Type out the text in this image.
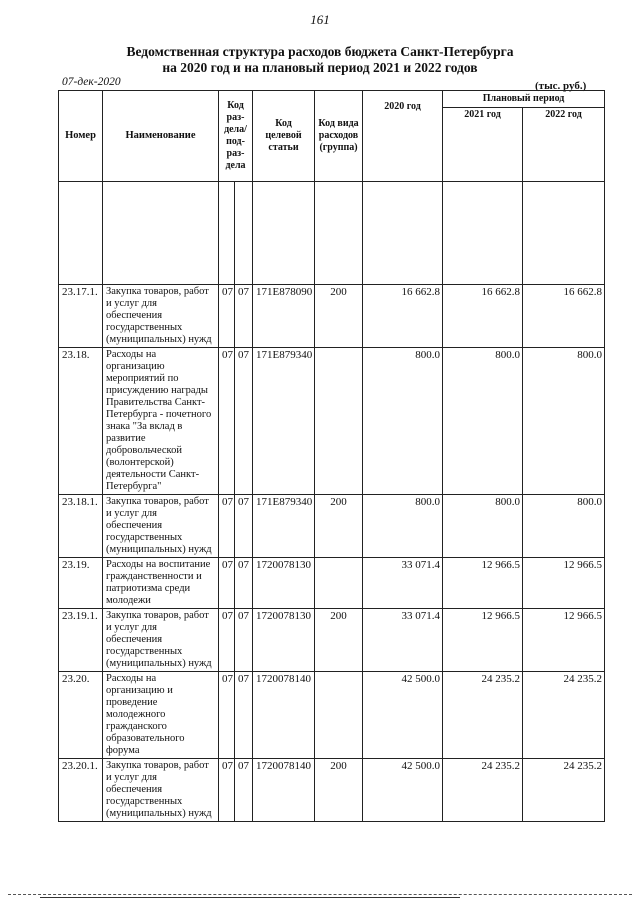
161
Ведомственная структура расходов бюджета Санкт-Петербурга
на 2020 год и на плановый период 2021 и 2022 годов
07-дек-2020	(тыс. руб.)
Номер	Наименование	Код раз-дела/ под-раз-дела		Код целевой статьи	Код вида расходов (группа)	2020 год	Плановый период	
							2021 год	2022 год

23.17.1.	Закупка товаров, работ и услуг для обеспечения государственных (муниципальных) нужд	07	07	171Е878090	200	16 662.8	16 662.8	16 662.8
23.18.	Расходы на организацию мероприятий по присуждению награды Правительства Санкт-Петербурга - почетного знака "За вклад в развитие добровольческой (волонтерской) деятельности Санкт-Петербурга"	07	07	171Е879340		800.0	800.0	800.0
23.18.1.	Закупка товаров, работ и услуг для обеспечения государственных (муниципальных) нужд	07	07	171Е879340	200	800.0	800.0	800.0
23.19.	Расходы на воспитание гражданственности и патриотизма среди молодежи	07	07	1720078130		33 071.4	12 966.5	12 966.5
23.19.1.	Закупка товаров, работ и услуг для обеспечения государственных (муниципальных) нужд	07	07	1720078130	200	33 071.4	12 966.5	12 966.5
23.20.	Расходы на организацию и проведение молодежного гражданского образовательного форума	07	07	1720078140		42 500.0	24 235.2	24 235.2
23.20.1.	Закупка товаров, работ и услуг для обеспечения государственных (муниципальных) нужд	07	07	1720078140	200	42 500.0	24 235.2	24 235.2
